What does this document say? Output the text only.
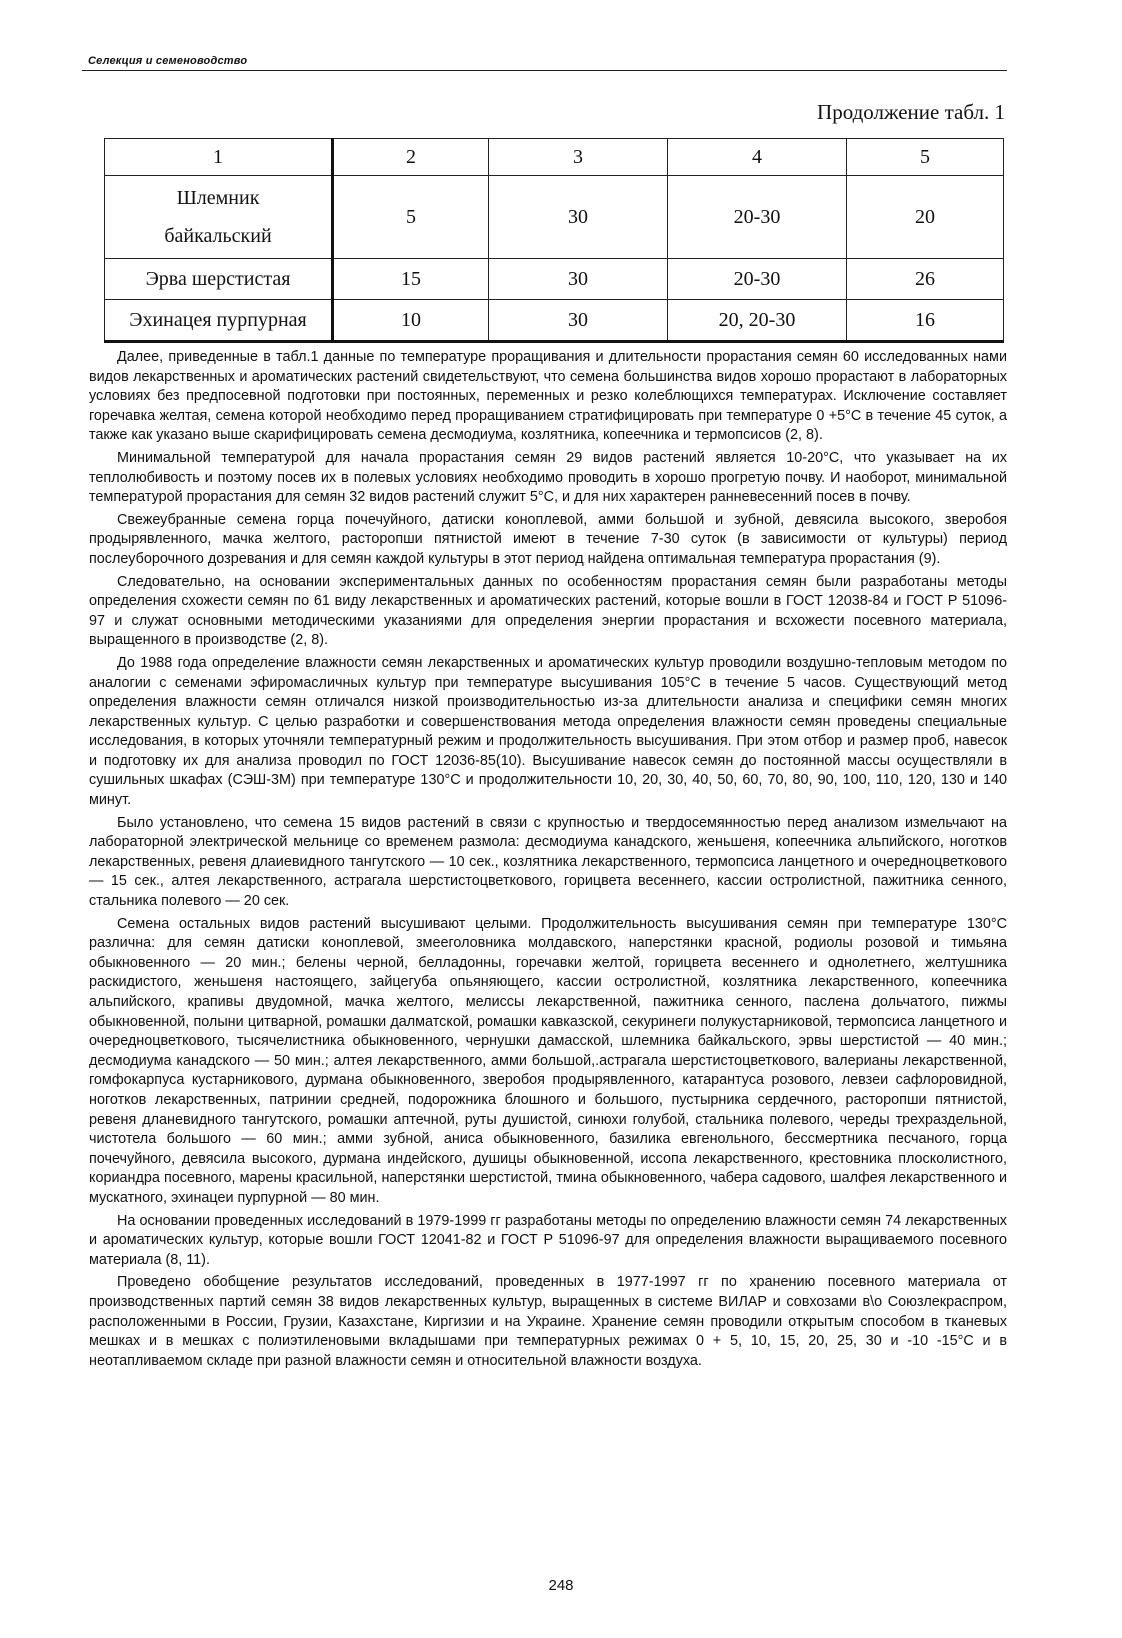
Селекция и семеноводство
Продолжение табл. 1
1	2	3	4	5

Шлемник
байкальский	5	30	20-30	20
Эрва шерстистая	15	30	20-30	26
Эхинацея пурпурная	10	30	20, 20-30	16

Далее, приведенные в табл.1 данные по температуре проращивания и длительности прорастания семян 60 исследованных нами видов лекарственных и ароматических растений свидетельствуют, что семена большинства видов хорошо прорастают в лабораторных условиях без предпосевной подготовки при постоянных, переменных и резко колеблющихся температурах. Исключение составляет горечавка желтая, семена которой необходимо перед проращиванием стратифицировать при температуре 0 +5°С в течение 45 суток, а также как указано выше скарифицировать семена десмодиума, козлятника, копеечника и термопсисов (2, 8).

Минимальной температурой для начала прорастания семян 29 видов растений является 10-20°С, что указывает на их теплолюбивость и поэтому посев их в полевых условиях необходимо проводить в хорошо прогретую почву. И наоборот, минимальной температурой прорастания для семян 32 видов растений служит 5°С, и для них характерен ранневесенний посев в почву.

Свежеубранные семена горца почечуйного, датиски коноплевой, амми большой и зубной, девясила высокого, зверобоя продырявленного, мачка желтого, расторопши пятнистой имеют в течение 7-30 суток (в зависимости от культуры) период послеуборочного дозревания и для семян каждой культуры в этот период найдена оптимальная температура прорастания (9).

Следовательно, на основании экспериментальных данных по особенностям прорастания семян были разработаны методы определения схожести семян по 61 виду лекарственных и ароматических растений, которые вошли в ГОСТ 12038-84 и ГОСТ Р 51096-97 и служат основными методическими указаниями для определения энергии прорастания и всхожести посевного материала, выращенного в производстве (2, 8).

До 1988 года определение влажности семян лекарственных и ароматических культур проводили воздушно-тепловым методом по аналогии с семенами эфиромасличных культур при температуре высушивания 105°С в течение 5 часов. Существующий метод определения влажности семян отличался низкой производительностью из-за длительности анализа и специфики семян многих лекарственных культур. С целью разработки и совершенствования метода определения влажности семян проведены специальные исследования, в которых уточняли температурный режим и продолжительность высушивания. При этом отбор и размер проб, навесок и подготовку их для анализа проводил по ГОСТ 12036-85(10). Высушивание навесок семян до постоянной массы осуществляли в сушильных шкафах (СЭШ-3М) при температуре 130°С и продолжительности 10, 20, 30, 40, 50, 60, 70, 80, 90, 100, 110, 120, 130 и 140 минут.

Было установлено, что семена 15 видов растений в связи с крупностью и твердосемянностью перед анализом измельчают на лабораторной электрической мельнице со временем размола: десмодиума канадского, женьшеня, копеечника альпийского, ноготков лекарственных, ревеня длаиевидного тангутского — 10 сек., козлятника лекарственного, термопсиса ланцетного и очередноцветкового — 15 сек., алтея лекарственного, астрагала шерстистоцветкового, горицвета весеннего, кассии остролистной, пажитника сенного, стальника полевого — 20 сек.

Семена остальных видов растений высушивают целыми. Продолжительность высушивания семян при температуре 130°С различна: для семян датиски коноплевой, змееголовника молдавского, наперстянки красной, родиолы розовой и тимьяна обыкновенного — 20 мин.; белены черной, белладонны, горечавки желтой, горицвета весеннего и однолетнего, желтушника раскидистого, женьшеня настоящего, зайцегуба опьяняющего, кассии остролистной, козлятника лекарственного, копеечника альпийского, крапивы двудомной, мачка желтого, мелиссы лекарственной, пажитника сенного, паслена дольчатого, пижмы обыкновенной, полыни цитварной, ромашки далматской, ромашки кавказской, секуринеги полукустарниковой, термопсиса ланцетного и очередноцветкового, тысячелистника обыкновенного, чернушки дамасской, шлемника байкальского, эрвы шерстистой — 40 мин.; десмодиума канадского — 50 мин.; алтея лекарственного, амми большой,.астрагала шерстистоцветкового, валерианы лекарственной, гомфокарпуса кустарникового, дурмана обыкновенного, зверобоя продырявленного, катарантуса розового, левзеи сафлоровидной, ноготков лекарственных, патринии средней, подорожника блошного и большого, пустырника сердечного, расторопши пятнистой, ревеня дланевидного тангутского, ромашки аптечной, руты душистой, синюхи голубой, стальника полевого, череды трехраздельной, чистотела большого — 60 мин.; амми зубной, аниса обыкновенного, базилика евгенольного, бессмертника песчаного, горца почечуйного, девясила высокого, дурмана индейского, душицы обыкновенной, иссопа лекарственного, крестовника плосколистного, кориандра посевного, марены красильной, наперстянки шерстистой, тмина обыкновенного, чабера садового, шалфея лекарственного и мускатного, эхинацеи пурпурной — 80 мин.

На основании проведенных исследований в 1979-1999 гг разработаны методы по определению влажности семян 74 лекарственных и ароматических культур, которые вошли ГОСТ 12041-82 и ГОСТ Р 51096-97 для определения влажности выращиваемого посевного материала (8, 11).

Проведено обобщение результатов исследований, проведенных в 1977-1997 гг по хранению посевного материала от производственных партий семян 38 видов лекарственных культур, выращенных в системе ВИЛАР и совхозами в\о Союзлекраспром, расположенными в России, Грузии, Казахстане, Киргизии и на Украине. Хранение семян проводили открытым способом в тканевых мешках и в мешках с полиэтиленовыми вкладышами при температурных режимах 0 + 5, 10, 15, 20, 25, 30 и -10 -15°С и в неотапливаемом складе при разной влажности семян и относительной влажности воздуха.

248
